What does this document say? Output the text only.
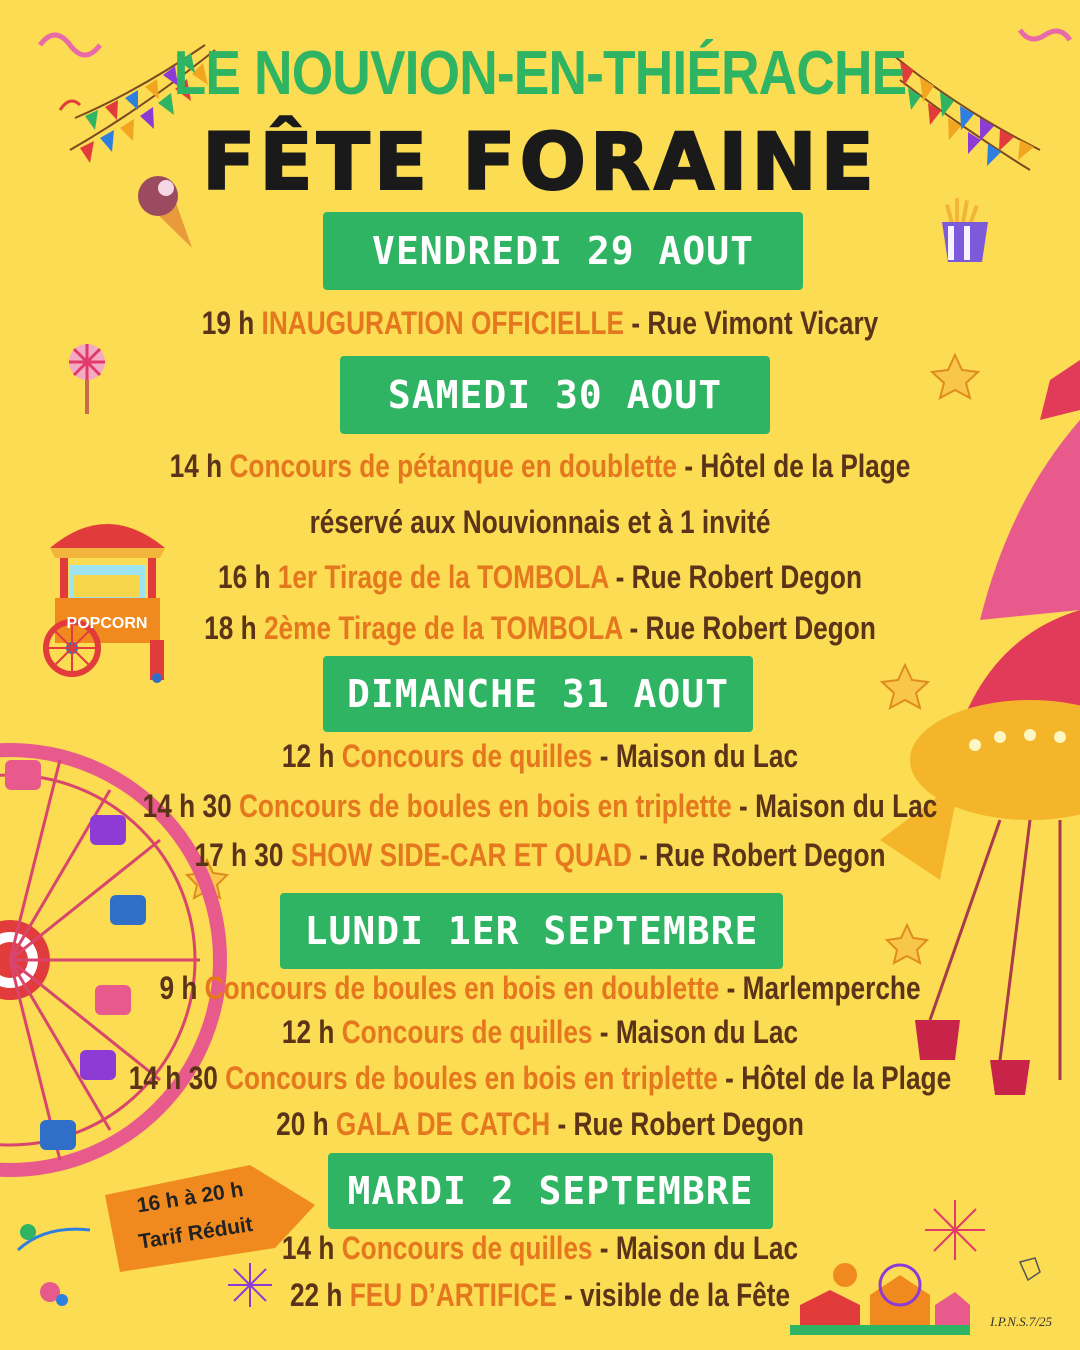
POPCORN
LE NOUVION-EN-THIÉRACHE
FÊTE FORAINE
VENDREDI 29 AOUT
SAMEDI 30 AOUT
DIMANCHE 31 AOUT
LUNDI 1ER SEPTEMBRE
MARDI 2 SEPTEMBRE
19 h INAUGURATION OFFICIELLE - Rue Vimont Vicary
14 h Concours de pétanque en doublette - Hôtel de la Plage
réservé aux Nouvionnais et à 1 invité
16 h 1er Tirage de la TOMBOLA - Rue Robert Degon
18 h 2ème Tirage de la TOMBOLA - Rue Robert Degon
12 h Concours de quilles - Maison du Lac
14 h 30 Concours de boules en bois en triplette - Maison du Lac
17 h 30 SHOW SIDE-CAR ET QUAD - Rue Robert Degon
9 h Concours de boules en bois en doublette - Marlemperche
12 h Concours de quilles - Maison du Lac
14 h 30 Concours de boules en bois en triplette - Hôtel de la Plage
20 h GALA DE CATCH - Rue Robert Degon
14 h Concours de quilles - Maison du Lac
22 h FEU D’ARTIFICE - visible de la Fête
16 h à 20 h
Tarif Réduit
I.P.N.S.7/25
